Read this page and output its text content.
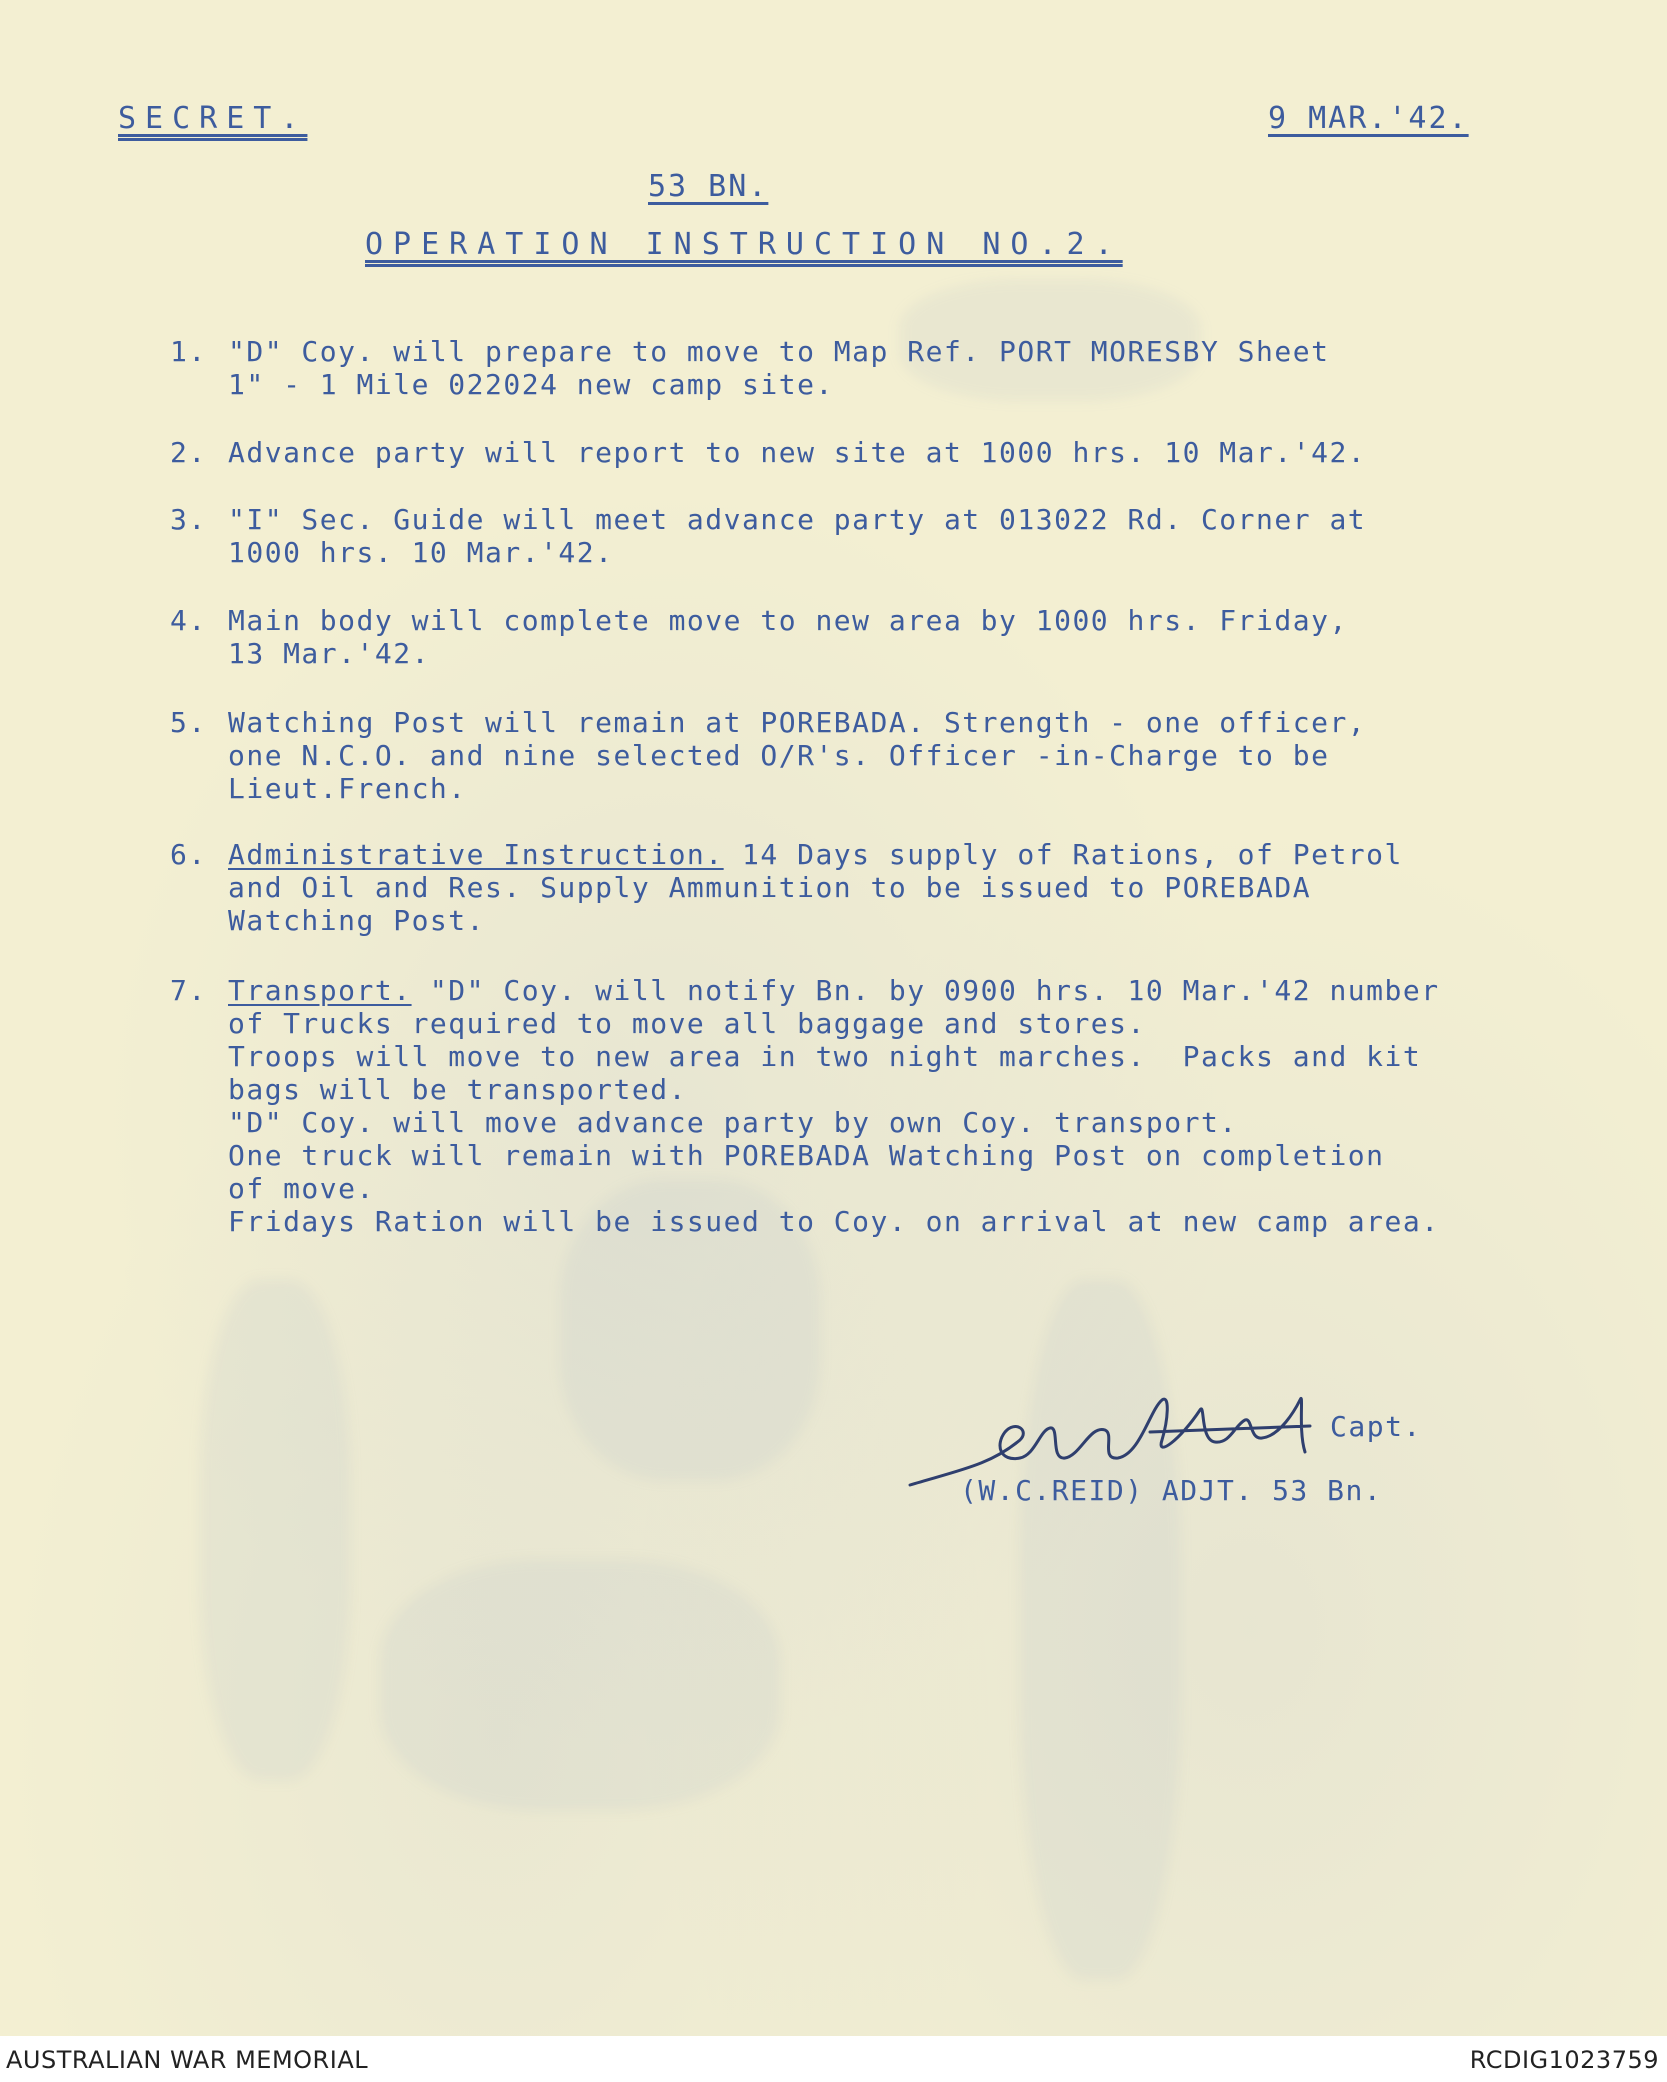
SECRET.	9 MAR.'42.
53 BN.
OPERATION INSTRUCTION NO.2.
1. "D" Coy. will prepare to move to Map Ref. PORT MORESBY Sheet
1" - 1 Mile 022024 new camp site.
2. Advance party will report to new site at 1000 hrs. 10 Mar.'42.
3. "I" Sec. Guide will meet advance party at 013022 Rd. Corner at
1000 hrs. 10 Mar.'42.
4. Main body will complete move to new area by 1000 hrs. Friday,
13 Mar.'42.
5. Watching Post will remain at POREBADA. Strength - one officer,
one N.C.O. and nine selected O/R's. Officer -in-Charge to be
Lieut.French.
6. Administrative Instruction. 14 Days supply of Rations, of Petrol
and Oil and Res. Supply Ammunition to be issued to POREBADA
Watching Post.
7. Transport. "D" Coy. will notify Bn. by 0900 hrs. 10 Mar.'42 number
of Trucks required to move all baggage and stores.
Troops will move to new area in two night marches.  Packs and kit
bags will be transported.
"D" Coy. will move advance party by own Coy. transport.
One truck will remain with POREBADA Watching Post on completion
of move.
Fridays Ration will be issued to Coy. on arrival at new camp area.
Capt.
(W.C.REID) ADJT. 53 Bn.
AUSTRALIAN WAR MEMORIAL	RCDIG1023759
